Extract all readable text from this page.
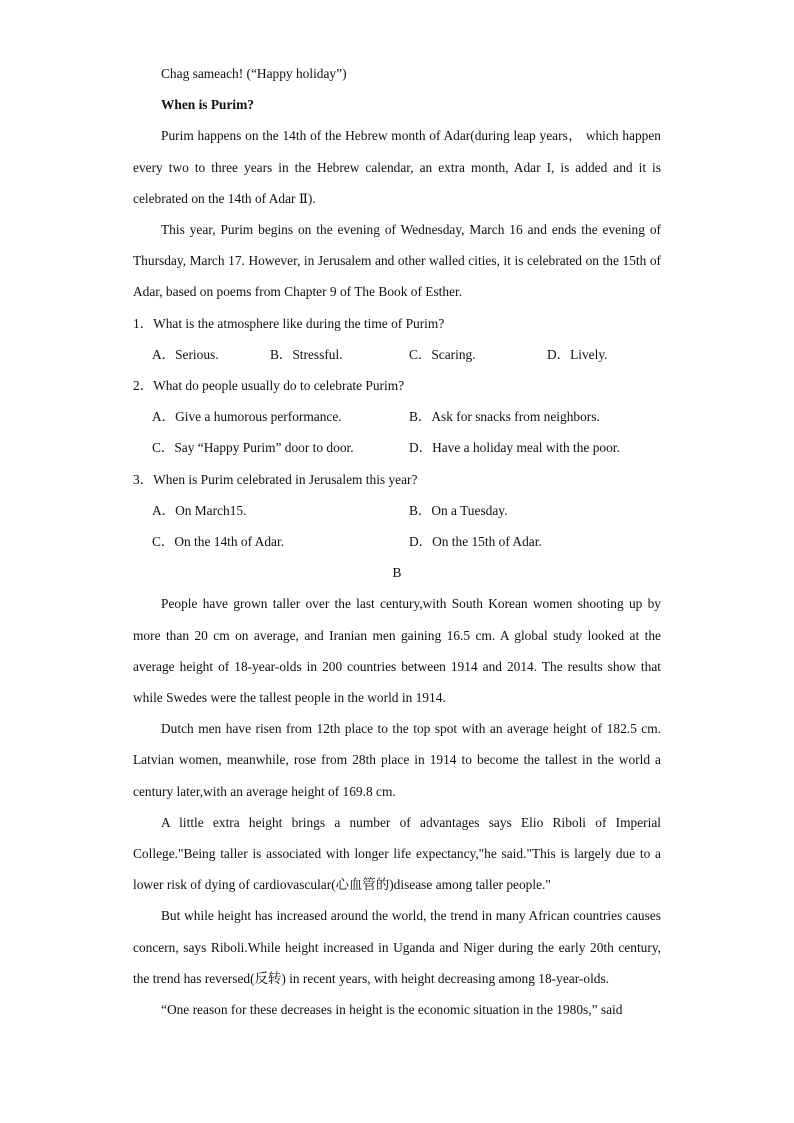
Chag sameach! (“Happy holiday”)

When is Purim?

Purim happens on the 14th of the Hebrew month of Adar(during leap years， which happen every two to three years in the Hebrew calendar, an extra month, Adar I, is added and it is celebrated on the 14th of Adar Ⅱ).

This year, Purim begins on the evening of Wednesday, March 16 and ends the evening of Thursday, March 17. However, in Jerusalem and other walled cities, it is celebrated on the 15th of Adar, based on poems from Chapter 9 of The Book of Esther.

1．What is the atmosphere like during the time of Purim?

A．Serious.	B．Stressful.	C．Scaring.	D．Lively.

2．What do people usually do to celebrate Purim?

A．Give a humorous performance.	B．Ask for snacks from neighbors.
C．Say “Happy Purim” door to door.	D．Have a holiday meal with the poor.

3．When is Purim celebrated in Jerusalem this year?

A．On March15.	B．On a Tuesday.
C．On the 14th of Adar.	D．On the 15th of Adar.

B

People have grown taller over the last century,with South Korean women shooting up by more than 20 cm on average, and Iranian men gaining 16.5 cm. A global study looked at the average height of 18-year-olds in 200 countries between 1914 and 2014. The results show that while Swedes were the tallest people in the world in 1914.

Dutch men have risen from 12th place to the top spot with an average height of 182.5 cm. Latvian women, meanwhile, rose from 28th place in 1914 to become the tallest in the world a century later,with an average height of 169.8 cm.

A little extra height brings a number of advantages says Elio Riboli of Imperial College."Being taller is associated with longer life expectancy,"he said."This is largely due to a lower risk of dying of cardiovascular(心血管的)disease among taller people."

But while height has increased around the world, the trend in many African countries causes concern, says Riboli.While height increased in Uganda and Niger during the early 20th century, the trend has reversed(反转) in recent years, with height decreasing among 18-year-olds.

“One reason for these decreases in height is the economic situation in the 1980s,” said
